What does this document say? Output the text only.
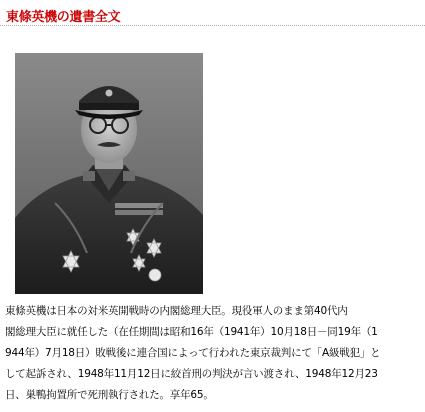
東條英機の遺書全文
東條英機は日本の対米英開戦時の内閣総理大臣。現役軍人のまま第40代内
閣総理大臣に就任した（在任期間は昭和16年（1941年）10月18日－同19年（1
944年）7月18日）敗戦後に連合国によって行われた東京裁判にて「A級戦犯」と
して起訴され、1948年11月12日に絞首刑の判決が言い渡され、1948年12月23
日、巣鴨拘置所で死刑執行された。享年65。
